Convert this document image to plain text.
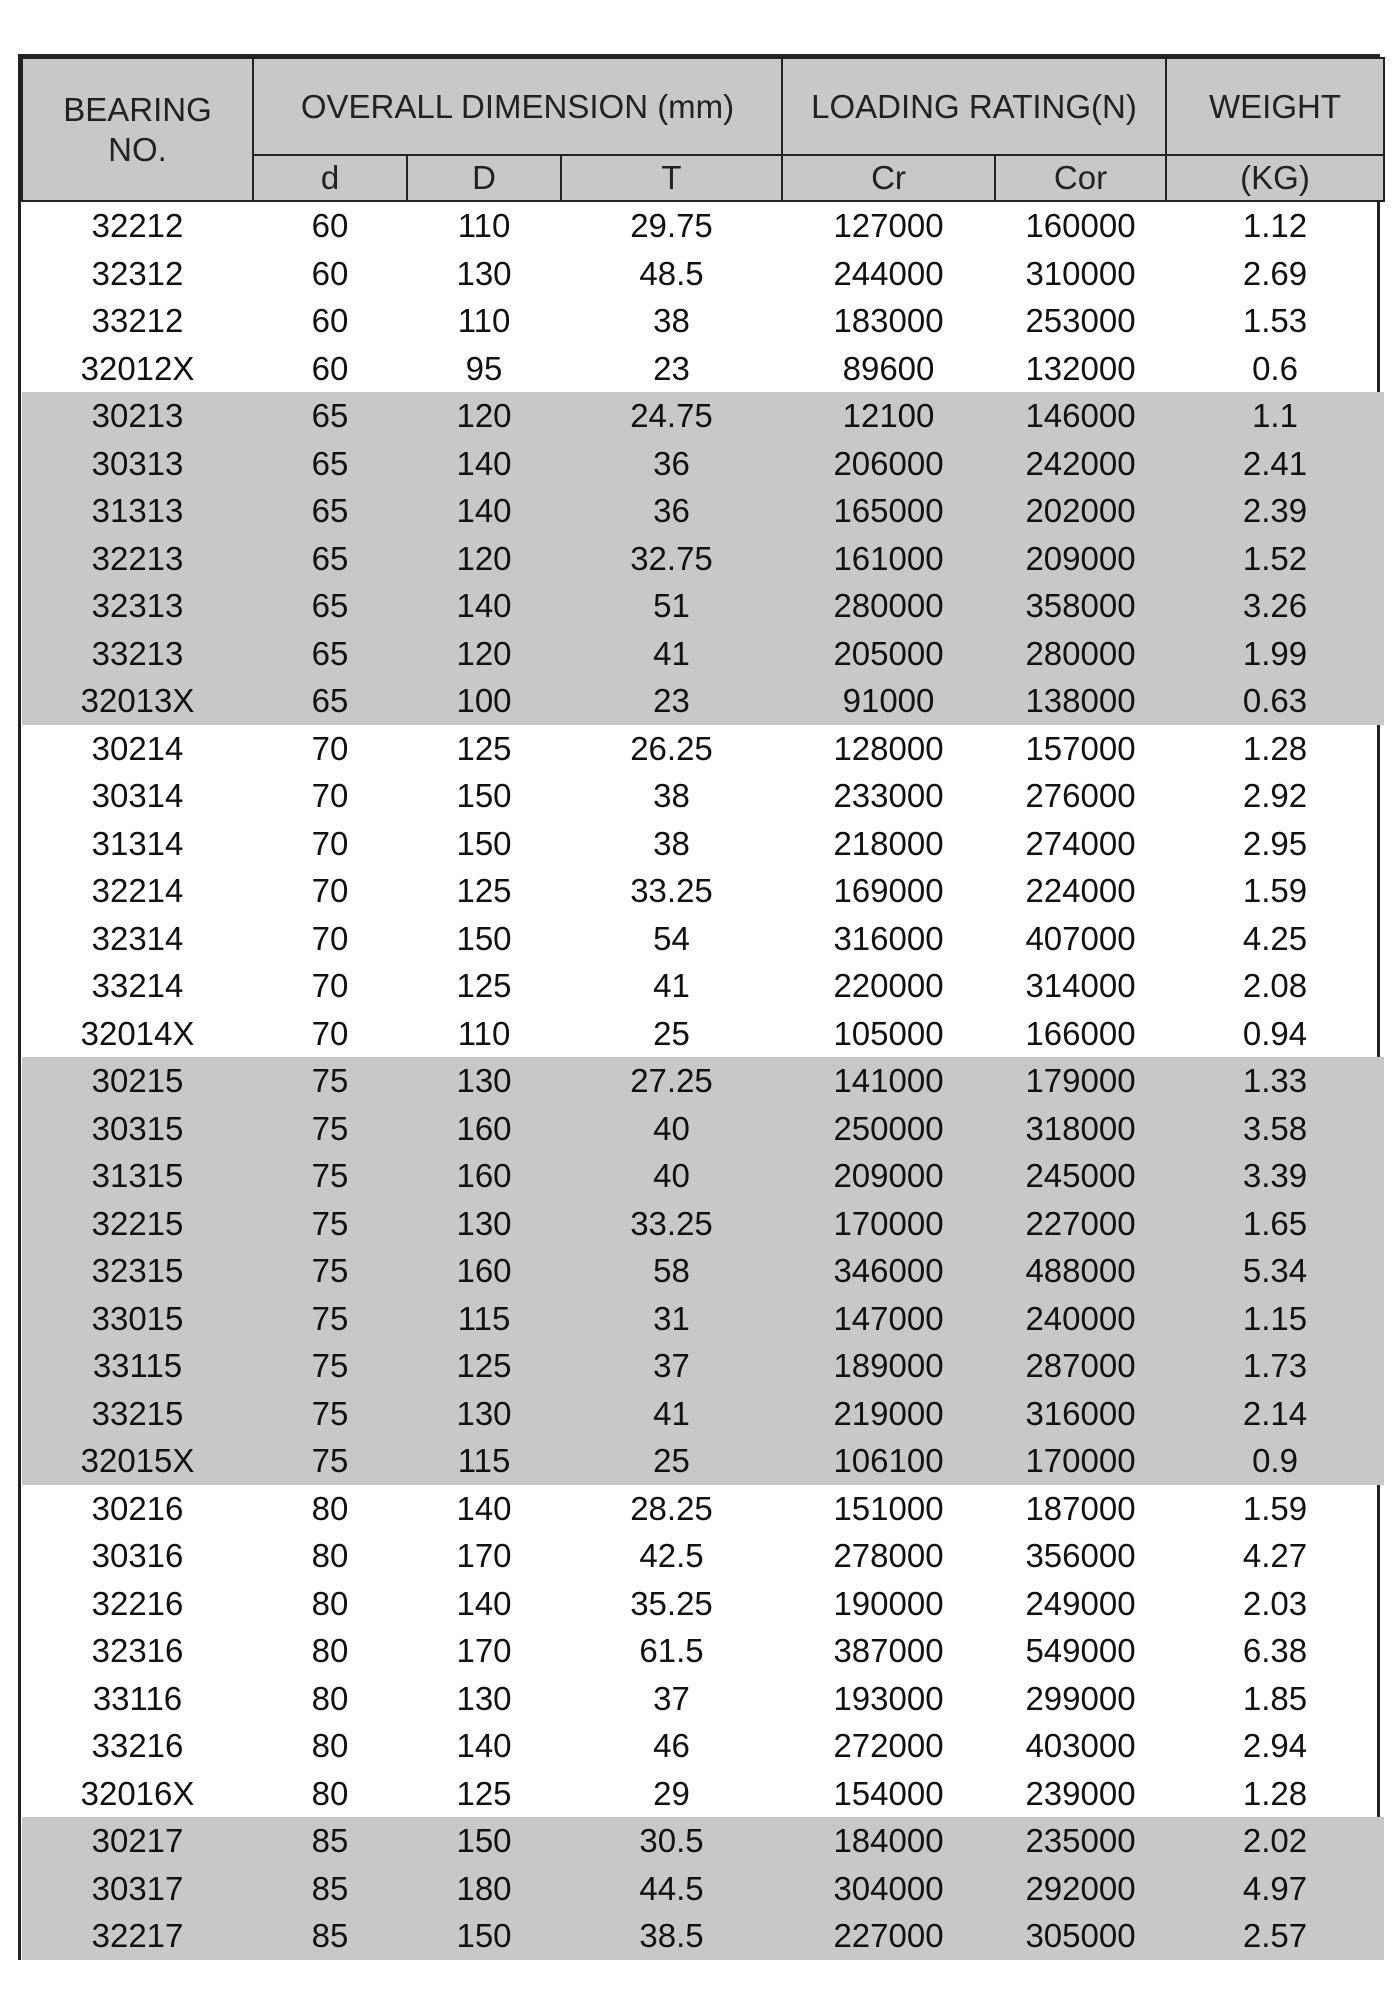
BEARING NO.	OVERALL DIMENSION (mm)			LOADING RATING(N)		WEIGHT
	d	D	T	Cr	Cor	(KG)
32212	60	110	29.75	127000	160000	1.12
32312	60	130	48.5	244000	310000	2.69
33212	60	110	38	183000	253000	1.53
32012X	60	95	23	89600	132000	0.6
30213	65	120	24.75	12100	146000	1.1
30313	65	140	36	206000	242000	2.41
31313	65	140	36	165000	202000	2.39
32213	65	120	32.75	161000	209000	1.52
32313	65	140	51	280000	358000	3.26
33213	65	120	41	205000	280000	1.99
32013X	65	100	23	91000	138000	0.63
30214	70	125	26.25	128000	157000	1.28
30314	70	150	38	233000	276000	2.92
31314	70	150	38	218000	274000	2.95
32214	70	125	33.25	169000	224000	1.59
32314	70	150	54	316000	407000	4.25
33214	70	125	41	220000	314000	2.08
32014X	70	110	25	105000	166000	0.94
30215	75	130	27.25	141000	179000	1.33
30315	75	160	40	250000	318000	3.58
31315	75	160	40	209000	245000	3.39
32215	75	130	33.25	170000	227000	1.65
32315	75	160	58	346000	488000	5.34
33015	75	115	31	147000	240000	1.15
33115	75	125	37	189000	287000	1.73
33215	75	130	41	219000	316000	2.14
32015X	75	115	25	106100	170000	0.9
30216	80	140	28.25	151000	187000	1.59
30316	80	170	42.5	278000	356000	4.27
32216	80	140	35.25	190000	249000	2.03
32316	80	170	61.5	387000	549000	6.38
33116	80	130	37	193000	299000	1.85
33216	80	140	46	272000	403000	2.94
32016X	80	125	29	154000	239000	1.28
30217	85	150	30.5	184000	235000	2.02
30317	85	180	44.5	304000	292000	4.97
32217	85	150	38.5	227000	305000	2.57
